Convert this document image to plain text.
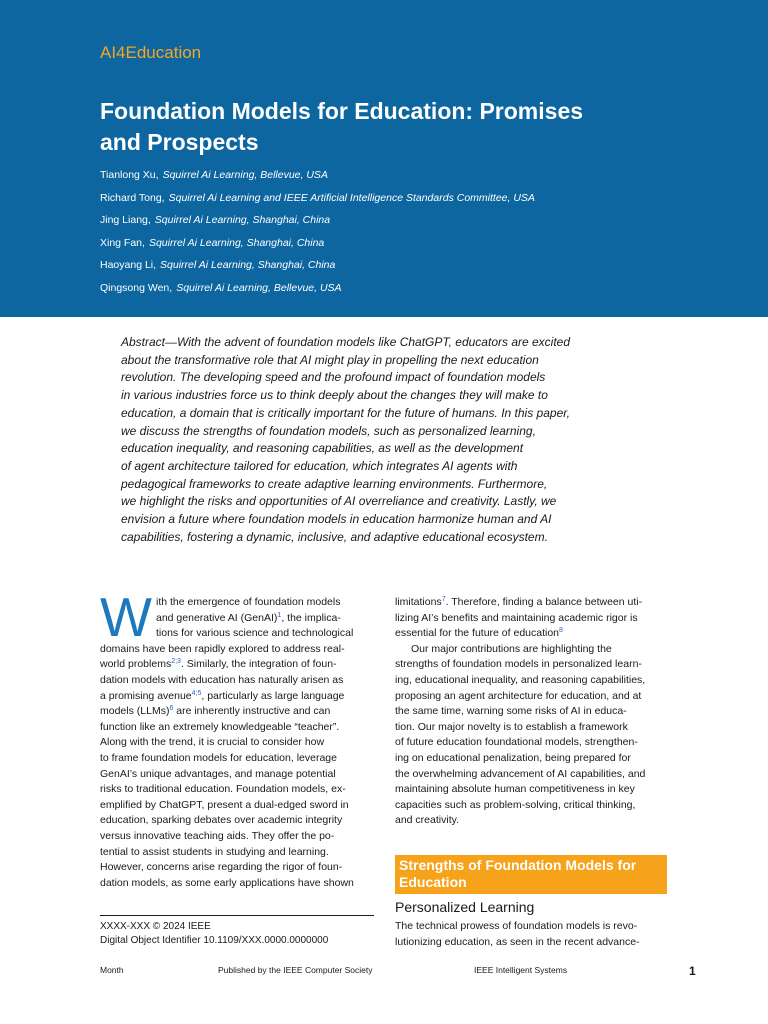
AI4Education
Foundation Models for Education: Promises
and Prospects
Tianlong Xu, Squirrel Ai Learning, Bellevue, USA
Richard Tong, Squirrel Ai Learning and IEEE Artificial Intelligence Standards Committee, USA
Jing Liang, Squirrel Ai Learning, Shanghai, China
Xing Fan, Squirrel Ai Learning, Shanghai, China
Haoyang Li, Squirrel Ai Learning, Shanghai, China
Qingsong Wen, Squirrel Ai Learning, Bellevue, USA
Abstract—With the advent of foundation models like ChatGPT, educators are excited
about the transformative role that AI might play in propelling the next education
revolution. The developing speed and the profound impact of foundation models
in various industries force us to think deeply about the changes they will make to
education, a domain that is critically important for the future of humans. In this paper,
we discuss the strengths of foundation models, such as personalized learning,
education inequality, and reasoning capabilities, as well as the development
of agent architecture tailored for education, which integrates AI agents with
pedagogical frameworks to create adaptive learning environments. Furthermore,
we highlight the risks and opportunities of AI overreliance and creativity. Lastly, we
envision a future where foundation models in education harmonize human and AI
capabilities, fostering a dynamic, inclusive, and adaptive educational ecosystem.
W ith the emergence of foundation models
and generative AI (GenAI)$^1$, the implica-
tions for various science and technological
domains have been rapidly explored to address real-
world problems$^{2;3}$. Similarly, the integration of foun-
dation models with education has naturally arisen as
a promising avenue$^{4;5}$, particularly as large language
models (LLMs)$^6$ are inherently instructive and can
function like an extremely knowledgeable “teacher”.
Along with the trend, it is crucial to consider how
to frame foundation models for education, leverage
GenAI’s unique advantages, and manage potential
risks to traditional education. Foundation models, ex-
emplified by ChatGPT, present a dual-edged sword in
education, sparking debates over academic integrity
versus innovative teaching aids. They offer the po-
tential to assist students in studying and learning.
However, concerns arise regarding the rigor of foun-
dation models, as some early applications have shown
limitations$^7$. Therefore, finding a balance between uti-
lizing AI’s benefits and maintaining academic rigor is
essential for the future of education$^8$
Our major contributions are highlighting the
strengths of foundation models in personalized learn-
ing, educational inequality, and reasoning capabilities,
proposing an agent architecture for education, and at
the same time, warning some risks of AI in educa-
tion. Our major novelty is to establish a framework
of future education foundational models, strengthen-
ing on educational penalization, being prepared for
the overwhelming advancement of AI capabilities, and
maintaining absolute human competitiveness in key
capacities such as problem-solving, critical thinking,
and creativity.
Strengths of Foundation Models for
Education
Personalized Learning
The technical prowess of foundation models is revo-
lutionizing education, as seen in the recent advance-
XXXX-XXX © 2024 IEEE
Digital Object Identifier 10.1109/XXX.0000.0000000
Month	Published by the IEEE Computer Society	IEEE Intelligent Systems	1
